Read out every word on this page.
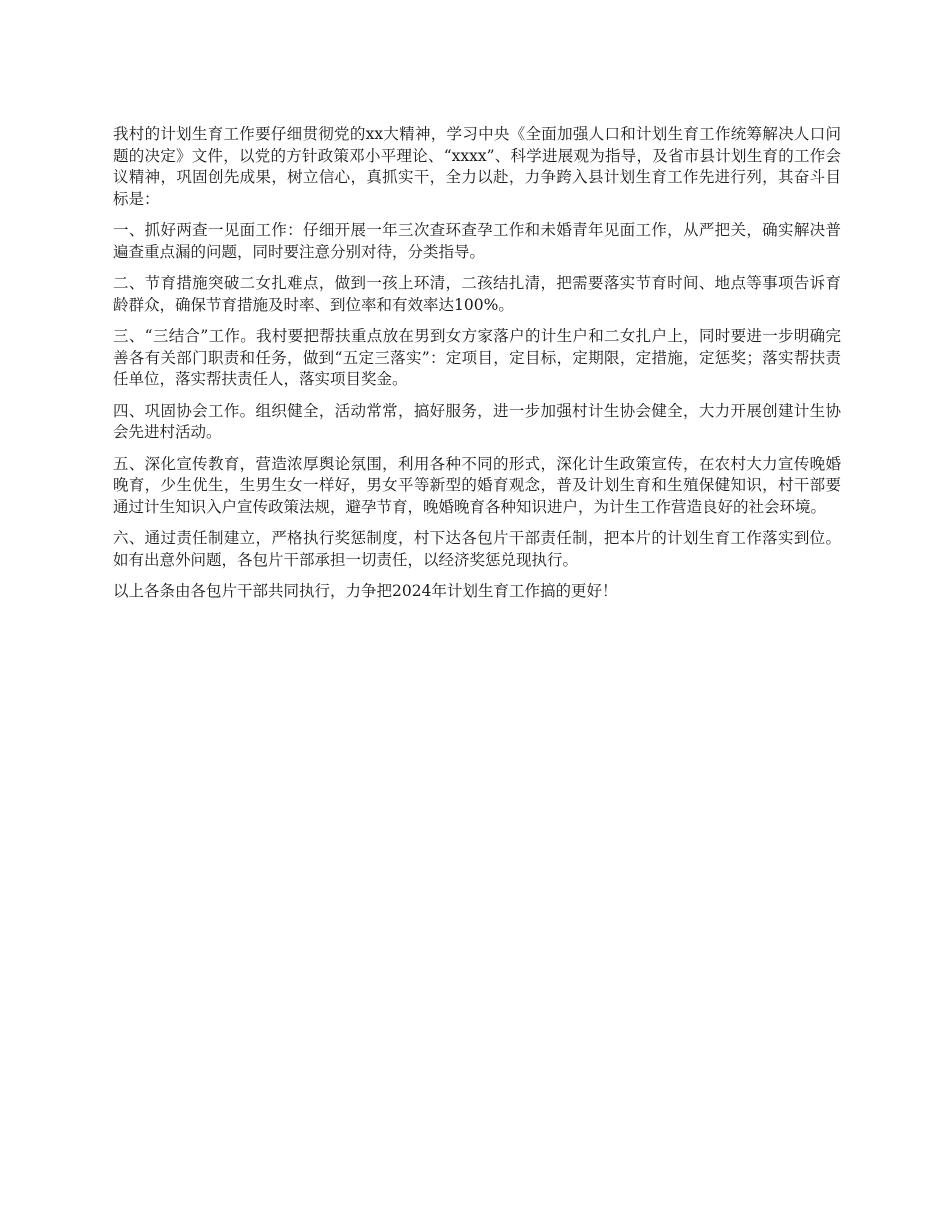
我村的计划生育工作要仔细贯彻党的xx大精神，学习中央《全面加强人口和计划生育工作统筹解决人口问题的决定》文件，以党的方针政策邓小平理论、“xxxx”、科学进展观为指导，及省市县计划生育的工作会议精神，巩固创先成果，树立信心，真抓实干，全力以赴，力争跨入县计划生育工作先进行列，其奋斗目标是：

一、抓好两查一见面工作：仔细开展一年三次查环查孕工作和未婚青年见面工作，从严把关，确实解决普遍查重点漏的问题，同时要注意分别对待，分类指导。

二、节育措施突破二女扎难点，做到一孩上环清，二孩结扎清，把需要落实节育时间、地点等事项告诉育龄群众，确保节育措施及时率、到位率和有效率达100%。

三、“三结合”工作。我村要把帮扶重点放在男到女方家落户的计生户和二女扎户上，同时要进一步明确完善各有关部门职责和任务，做到“五定三落实”：定项目，定目标，定期限，定措施，定惩奖；落实帮扶责任单位，落实帮扶责任人，落实项目奖金。

四、巩固协会工作。组织健全，活动常常，搞好服务，进一步加强村计生协会健全，大力开展创建计生协会先进村活动。

五、深化宣传教育，营造浓厚舆论氛围，利用各种不同的形式，深化计生政策宣传，在农村大力宣传晚婚晚育，少生优生，生男生女一样好，男女平等新型的婚育观念，普及计划生育和生殖保健知识，村干部要通过计生知识入户宣传政策法规，避孕节育，晚婚晚育各种知识进户，为计生工作营造良好的社会环境。

六、通过责任制建立，严格执行奖惩制度，村下达各包片干部责任制，把本片的计划生育工作落实到位。如有出意外问题，各包片干部承担一切责任，以经济奖惩兑现执行。

以上各条由各包片干部共同执行，力争把2024年计划生育工作搞的更好！
